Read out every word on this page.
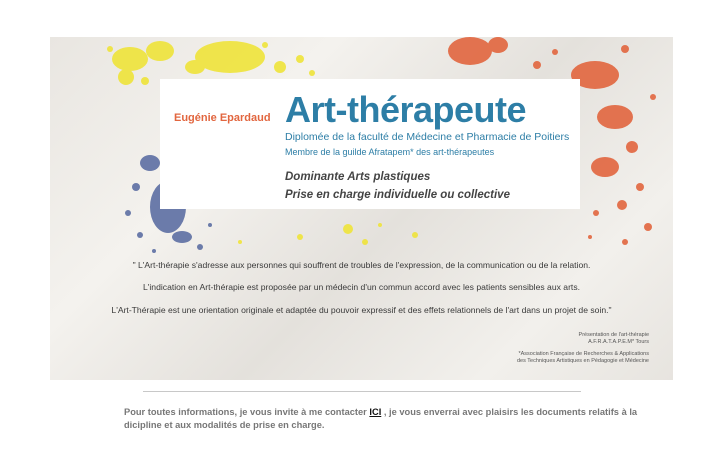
Eugénie Epardaud Art-thérapeute
Diplomée de la faculté de Médecine et Pharmacie de Poitiers
Membre de la guilde Afratapem* des art-thérapeutes
Dominante Arts plastiques
Prise en charge individuelle ou collective
" L'Art-thérapie s'adresse aux personnes qui souffrent de troubles de l'expression, de la communication ou de la relation.
L'indication en Art-thérapie est proposée par un médecin d'un commun accord avec les patients sensibles aux arts.
L'Art-Thérapie est une orientation originale et adaptée du pouvoir expressif et des effets relationnels de l'art dans un projet de soin."
Présentation de l'art-thérapie
A.F.R.A.T.A.P.E.M* Tours
*Association Française de Recherches & Applications
des Techniques Artistiques en Pédagogie et Médecine
Pour toutes informations, je vous invite à me contacter ICI , je vous enverrai avec plaisirs les documents relatifs à la dicipline et aux modalités de prise en charge.
